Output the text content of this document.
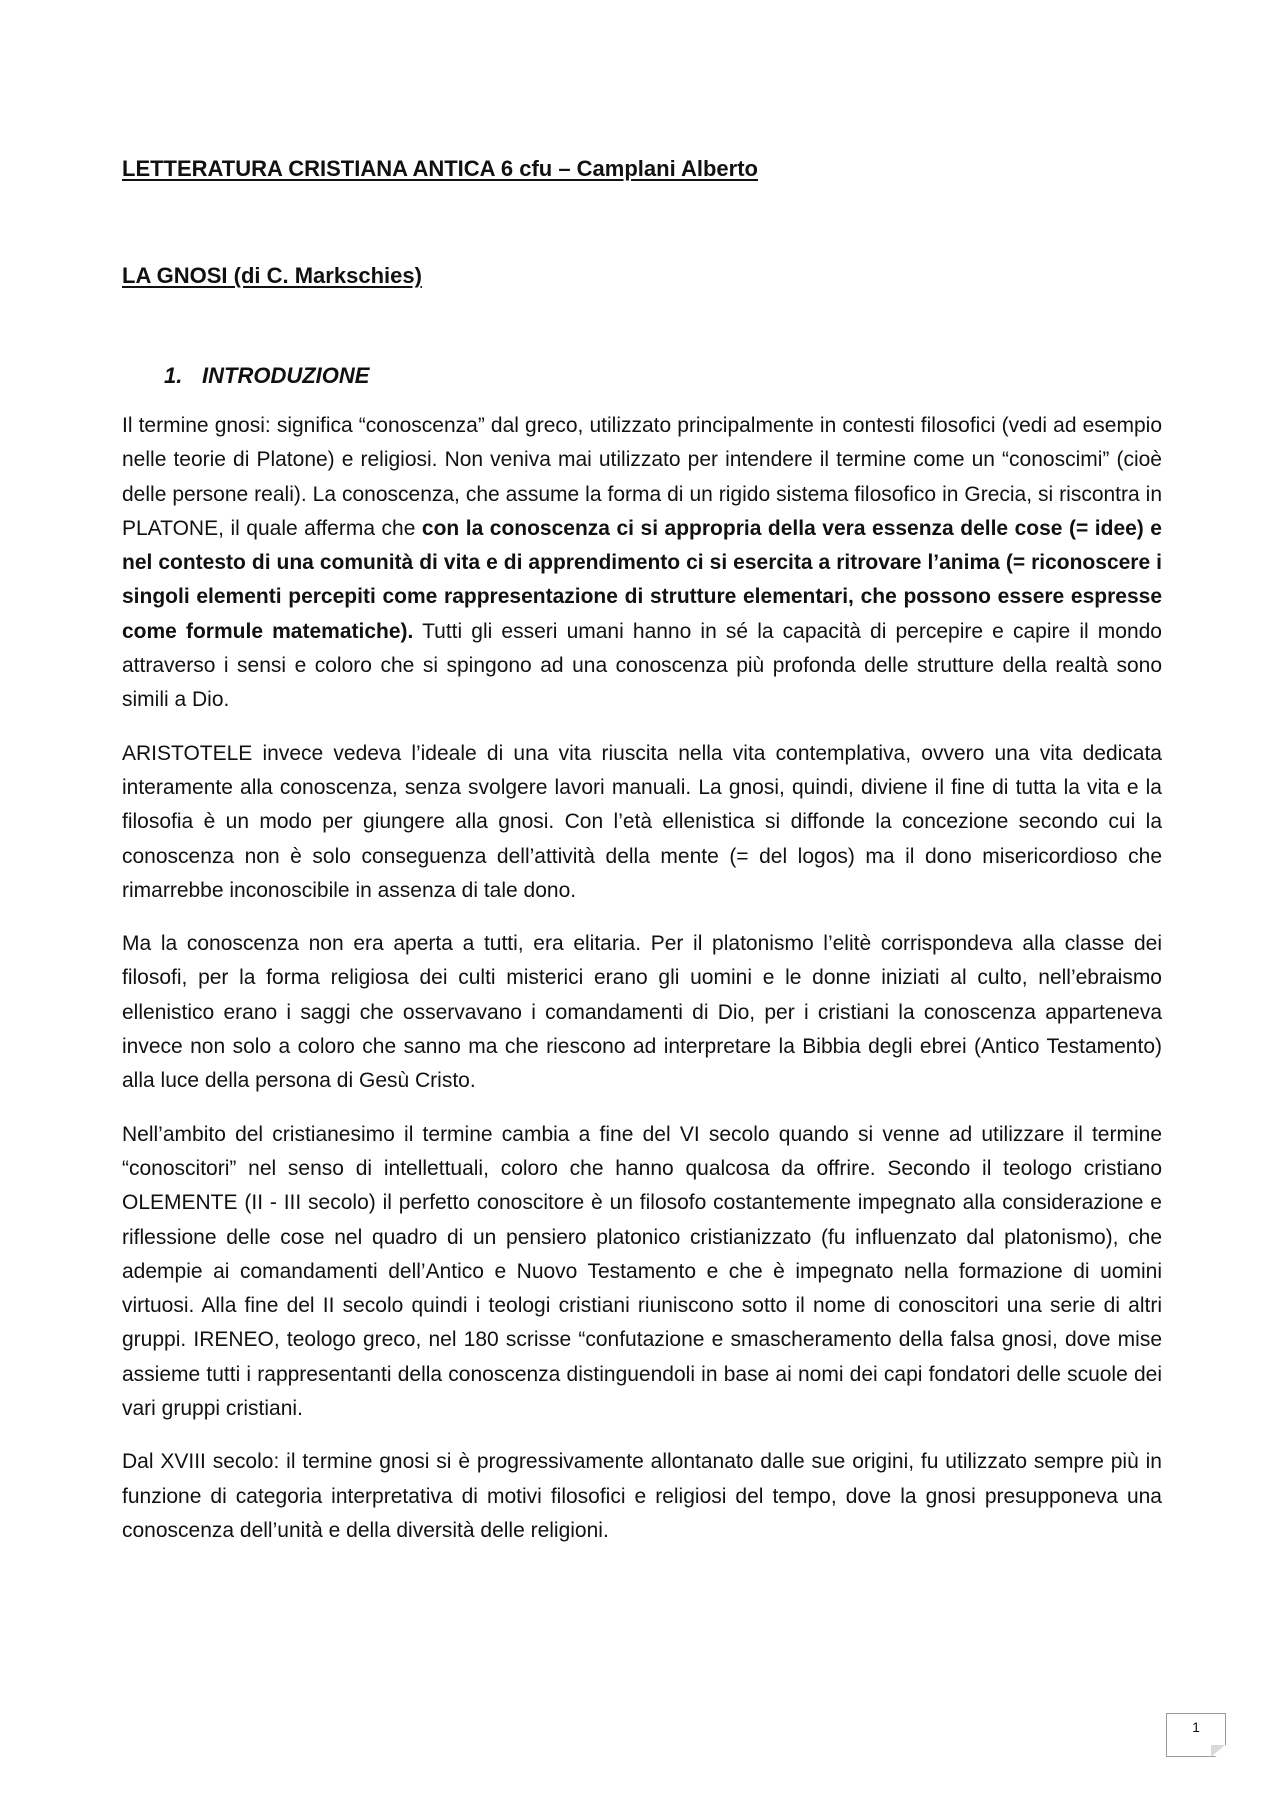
LETTERATURA CRISTIANA ANTICA 6 cfu – Camplani Alberto
LA GNOSI (di C. Markschies)
1. INTRODUZIONE

Il termine gnosi: significa “conoscenza” dal greco, utilizzato principalmente in contesti filosofici (vedi ad esempio nelle teorie di Platone) e religiosi. Non veniva mai utilizzato per intendere il termine come un “conoscimi” (cioè delle persone reali). La conoscenza, che assume la forma di un rigido sistema filosofico in Grecia, si riscontra in PLATONE, il quale afferma che con la conoscenza ci si appropria della vera essenza delle cose (= idee) e nel contesto di una comunità di vita e di apprendimento ci si esercita a ritrovare l’anima (= riconoscere i singoli elementi percepiti come rappresentazione di strutture elementari, che possono essere espresse come formule matematiche). Tutti gli esseri umani hanno in sé la capacità di percepire e capire il mondo attraverso i sensi e coloro che si spingono ad una conoscenza più profonda delle strutture della realtà sono simili a Dio.

ARISTOTELE invece vedeva l’ideale di una vita riuscita nella vita contemplativa, ovvero una vita dedicata interamente alla conoscenza, senza svolgere lavori manuali. La gnosi, quindi, diviene il fine di tutta la vita e la filosofia è un modo per giungere alla gnosi. Con l’età ellenistica si diffonde la concezione secondo cui la conoscenza non è solo conseguenza dell’attività della mente (= del logos) ma il dono misericordioso che rimarrebbe inconoscibile in assenza di tale dono.

Ma la conoscenza non era aperta a tutti, era elitaria. Per il platonismo l’elitè corrispondeva alla classe dei filosofi, per la forma religiosa dei culti misterici erano gli uomini e le donne iniziati al culto, nell’ebraismo ellenistico erano i saggi che osservavano i comandamenti di Dio, per i cristiani la conoscenza apparteneva invece non solo a coloro che sanno ma che riescono ad interpretare la Bibbia degli ebrei (Antico Testamento) alla luce della persona di Gesù Cristo.

Nell’ambito del cristianesimo il termine cambia a fine del VI secolo quando si venne ad utilizzare il termine “conoscitori” nel senso di intellettuali, coloro che hanno qualcosa da offrire. Secondo il teologo cristiano OLEMENTE (II - III secolo) il perfetto conoscitore è un filosofo costantemente impegnato alla considerazione e riflessione delle cose nel quadro di un pensiero platonico cristianizzato (fu influenzato dal platonismo), che adempie ai comandamenti dell’Antico e Nuovo Testamento e che è impegnato nella formazione di uomini virtuosi. Alla fine del II secolo quindi i teologi cristiani riuniscono sotto il nome di conoscitori una serie di altri gruppi. IRENEO, teologo greco, nel 180 scrisse “confutazione e smascheramento della falsa gnosi, dove mise assieme tutti i rappresentanti della conoscenza distinguendoli in base ai nomi dei capi fondatori delle scuole dei vari gruppi cristiani.

Dal XVIII secolo: il termine gnosi si è progressivamente allontanato dalle sue origini, fu utilizzato sempre più in funzione di categoria interpretativa di motivi filosofici e religiosi del tempo, dove la gnosi presupponeva una conoscenza dell’unità e della diversità delle religioni.

1
